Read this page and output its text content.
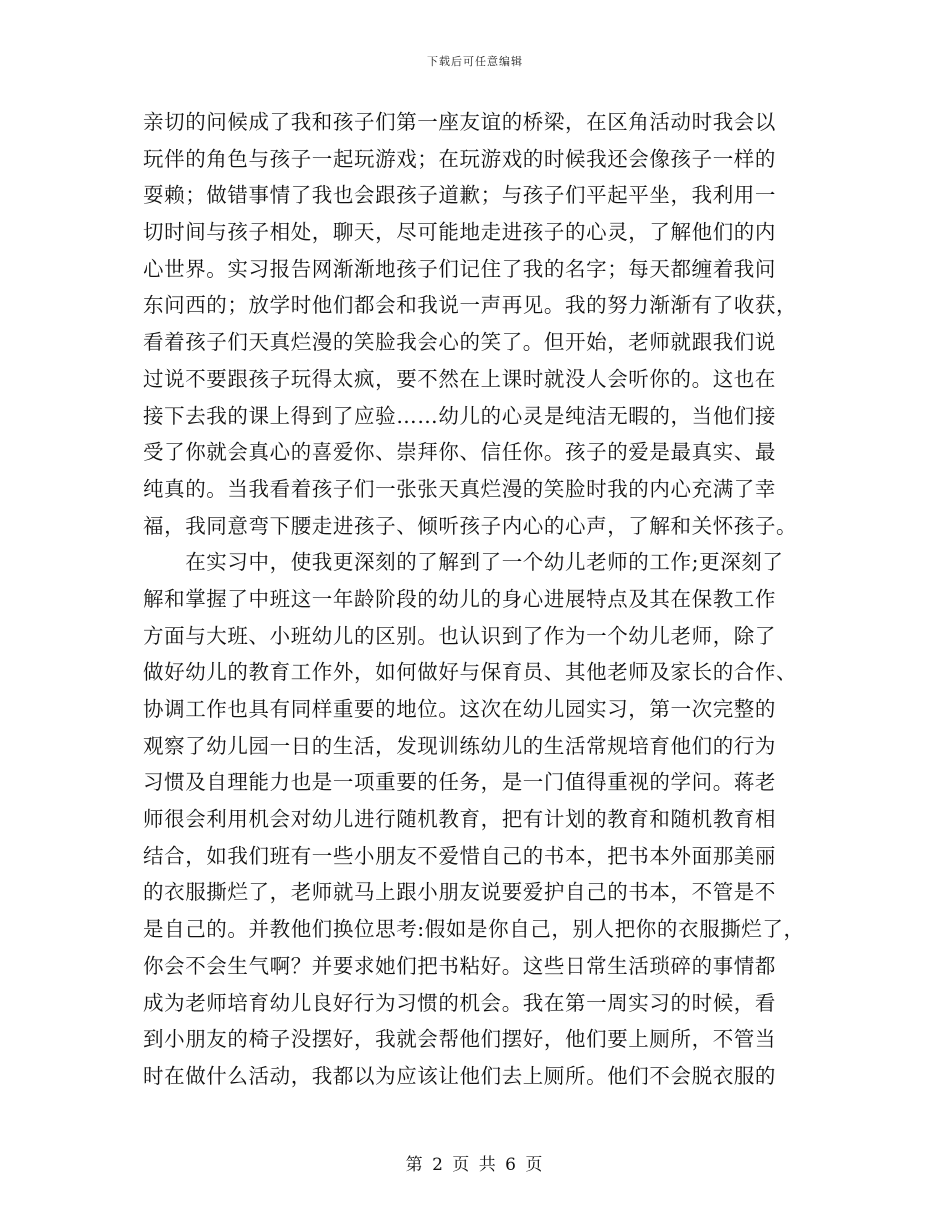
下载后可任意编辑
亲切的问候成了我和孩子们第一座友谊的桥梁，在区角活动时我会以
玩伴的角色与孩子一起玩游戏；在玩游戏的时候我还会像孩子一样的
耍赖；做错事情了我也会跟孩子道歉；与孩子们平起平坐，我利用一
切时间与孩子相处，聊天，尽可能地走进孩子的心灵，了解他们的内
心世界。实习报告网渐渐地孩子们记住了我的名字；每天都缠着我问
东问西的；放学时他们都会和我说一声再见。我的努力渐渐有了收获，
看着孩子们天真烂漫的笑脸我会心的笑了。但开始，老师就跟我们说
过说不要跟孩子玩得太疯，要不然在上课时就没人会听你的。这也在
接下去我的课上得到了应验……幼儿的心灵是纯洁无暇的，当他们接
受了你就会真心的喜爱你、崇拜你、信任你。孩子的爱是最真实、最
纯真的。当我看着孩子们一张张天真烂漫的笑脸时我的内心充满了幸
福，我同意弯下腰走进孩子、倾听孩子内心的心声，了解和关怀孩子。
　　在实习中，使我更深刻的了解到了一个幼儿老师的工作;更深刻了
解和掌握了中班这一年龄阶段的幼儿的身心进展特点及其在保教工作
方面与大班、小班幼儿的区别。也认识到了作为一个幼儿老师，除了
做好幼儿的教育工作外，如何做好与保育员、其他老师及家长的合作、
协调工作也具有同样重要的地位。这次在幼儿园实习，第一次完整的
观察了幼儿园一日的生活，发现训练幼儿的生活常规培育他们的行为
习惯及自理能力也是一项重要的任务，是一门值得重视的学问。蒋老
师很会利用机会对幼儿进行随机教育，把有计划的教育和随机教育相
结合，如我们班有一些小朋友不爱惜自己的书本，把书本外面那美丽
的衣服撕烂了，老师就马上跟小朋友说要爱护自己的书本，不管是不
是自己的。并教他们换位思考:假如是你自己，别人把你的衣服撕烂了，
你会不会生气啊？并要求她们把书粘好。这些日常生活琐碎的事情都
成为老师培育幼儿良好行为习惯的机会。我在第一周实习的时候，看
到小朋友的椅子没摆好，我就会帮他们摆好，他们要上厕所，不管当
时在做什么活动，我都以为应该让他们去上厕所。他们不会脱衣服的
第 2 页 共 6 页
